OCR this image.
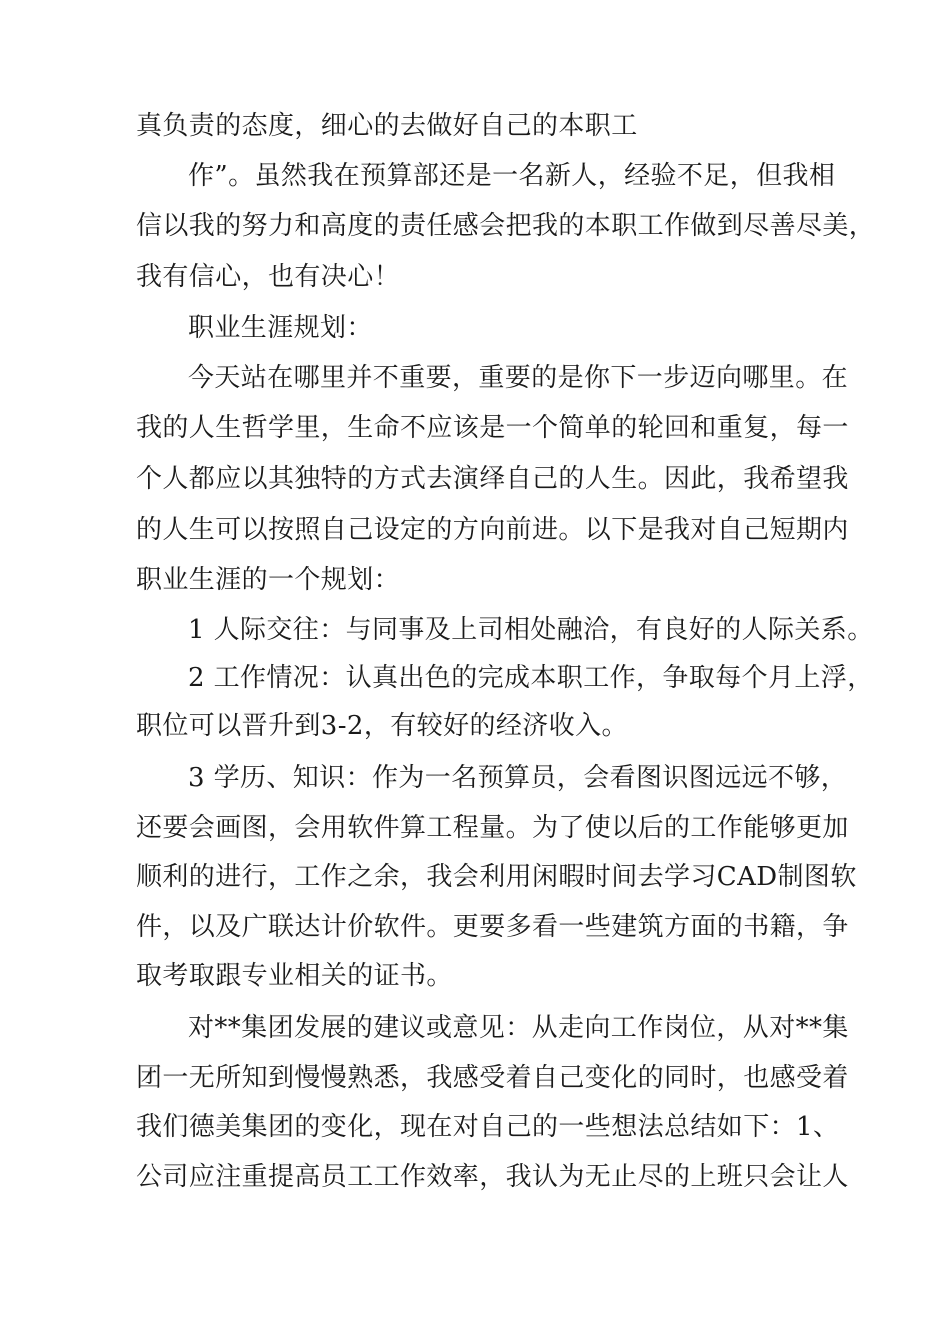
真负责的态度，细心的去做好自己的本职工
作”。虽然我在预算部还是一名新人，经验不足，但我相
信以我的努力和高度的责任感会把我的本职工作做到尽善尽美，
我有信心，也有决心！
职业生涯规划：
今天站在哪里并不重要，重要的是你下一步迈向哪里。在
我的人生哲学里，生命不应该是一个简单的轮回和重复，每一
个人都应以其独特的方式去演绎自己的人生。因此，我希望我
的人生可以按照自己设定的方向前进。以下是我对自己短期内
职业生涯的一个规划：
1 人际交往：与同事及上司相处融洽，有良好的人际关系。
2 工作情况：认真出色的完成本职工作，争取每个月上浮，
职位可以晋升到3-2，有较好的经济收入。
3 学历、知识：作为一名预算员，会看图识图远远不够，
还要会画图，会用软件算工程量。为了使以后的工作能够更加
顺利的进行，工作之余，我会利用闲暇时间去学习CAD制图软
件，以及广联达计价软件。更要多看一些建筑方面的书籍，争
取考取跟专业相关的证书。
对**集团发展的建议或意见：从走向工作岗位，从对**集
团一无所知到慢慢熟悉，我感受着自己变化的同时，也感受着
我们德美集团的变化，现在对自己的一些想法总结如下：1、
公司应注重提高员工工作效率，我认为无止尽的上班只会让人
